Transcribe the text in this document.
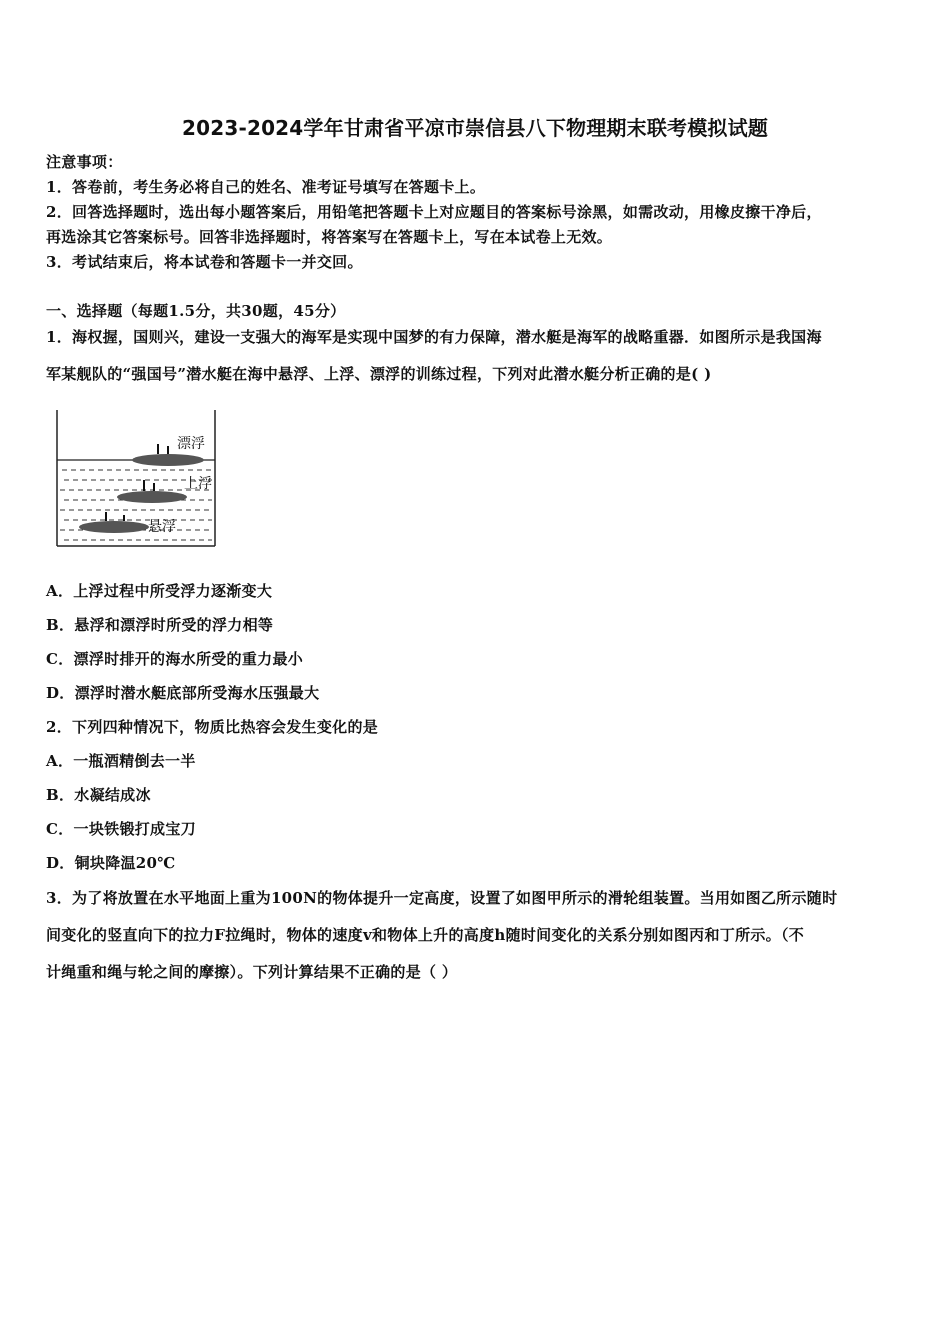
2023-2024学年甘肃省平凉市崇信县八下物理期末联考模拟试题
注意事项：
1．答卷前，考生务必将自己的姓名、准考证号填写在答题卡上。
2．回答选择题时，选出每小题答案后，用铅笔把答题卡上对应题目的答案标号涂黑，如需改动，用橡皮擦干净后，
再选涂其它答案标号。回答非选择题时，将答案写在答题卡上，写在本试卷上无效。
3．考试结束后，将本试卷和答题卡一并交回。
一、选择题（每题1.5分，共30题，45分）
1．海权握，国则兴，建设一支强大的海军是实现中国梦的有力保障，潜水艇是海军的战略重器．如图所示是我国海
军某舰队的“强国号”潜水艇在海中悬浮、上浮、漂浮的训练过程，下列对此潜水艇分析正确的是( )
漂浮
上浮
悬浮
A．上浮过程中所受浮力逐渐变大
B．悬浮和漂浮时所受的浮力相等
C．漂浮时排开的海水所受的重力最小
D．漂浮时潜水艇底部所受海水压强最大
2．下列四种情况下，物质比热容会发生变化的是
A．一瓶酒精倒去一半
B．水凝结成冰
C．一块铁锻打成宝刀
D．铜块降温20℃
3．为了将放置在水平地面上重为100N的物体提升一定高度，设置了如图甲所示的滑轮组装置。当用如图乙所示随时
间变化的竖直向下的拉力F拉绳时，物体的速度v和物体上升的高度h随时间变化的关系分别如图丙和丁所示。（不
计绳重和绳与轮之间的摩擦）。下列计算结果不正确的是（ ）
